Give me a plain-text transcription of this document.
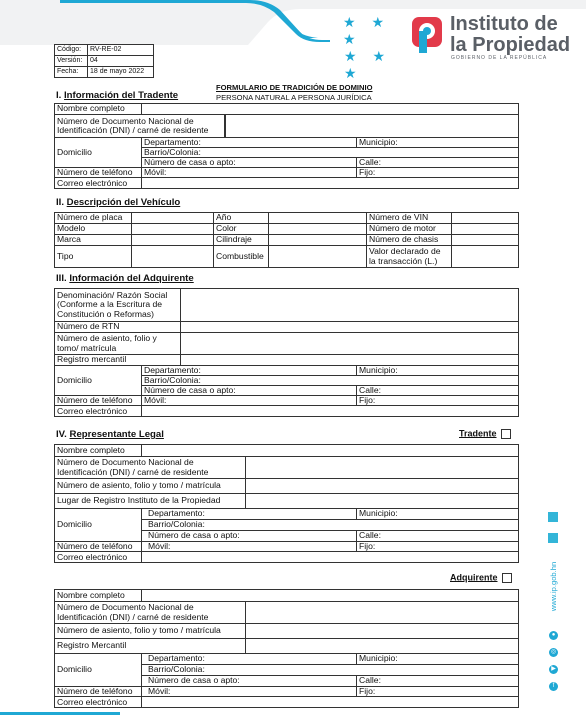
★ ★ ★
★ ★ ★
Instituto de
la Propiedad
GOBIERNO DE LA REPÚBLICA
Código:	RV-RE-02
Versión:	04
Fecha:	18 de mayo 2022
FORMULARIO DE TRADICIÓN DE DOMINIO
PERSONA NATURAL A PERSONA JURÍDICA
I. Información del Tradente
Nombre completo			
Número de Documento Nacional de
Identificación (DNI) / carné de residente			

Domicilio	Departamento:		Municipio:
	Barrio/Colonia:		
	Número de casa o apto:		Calle:
Número de teléfono	Móvil:		Fijo:
Correo electrónico			
II. Descripción del Vehículo
Número de placa		Año		Número de VIN	
Modelo		Color		Número de motor	
Marca		Cilindraje		Número de chasis	
Tipo		Combustible		Valor declarado de
la transacción (L.)	
III. Información del Adquirente
Denominación/ Razón Social
(Conforme a la Escritura de
Constitución o Reformas)			
Número de RTN			
Número de asiento, folio y
tomo/ matrícula			
Registro mercantil			
Domicilio	Departamento:		Municipio:
	Barrio/Colonia:		
	Número de casa o apto:		Calle:
Número de teléfono	Móvil:		Fijo:
Correo electrónico			
IV. Representante Legal	Tradente
Nombre completo			
Número de Documento Nacional de
Identificación (DNI) / carné de residente			
Número de asiento, folio y tomo / matrícula			
Lugar de Registro Instituto de la Propiedad			
Domicilio	Departamento:		Municipio:
	Barrio/Colonia:		
	Número de casa o apto:		Calle:
Número de teléfono	Móvil:		Fijo:
Correo electrónico			
Adquirente
Nombre completo			
Número de Documento Nacional de
Identificación (DNI) / carné de residente			
Número de asiento, folio y tomo / matrícula			
Registro Mercantil			
Domicilio	Departamento:		Municipio:
	Barrio/Colonia:		
	Número de casa o apto:		Calle:
Número de teléfono	Móvil:		Fijo:
Correo electrónico			
www.ip.gob.hn
●
◎
▶
f
